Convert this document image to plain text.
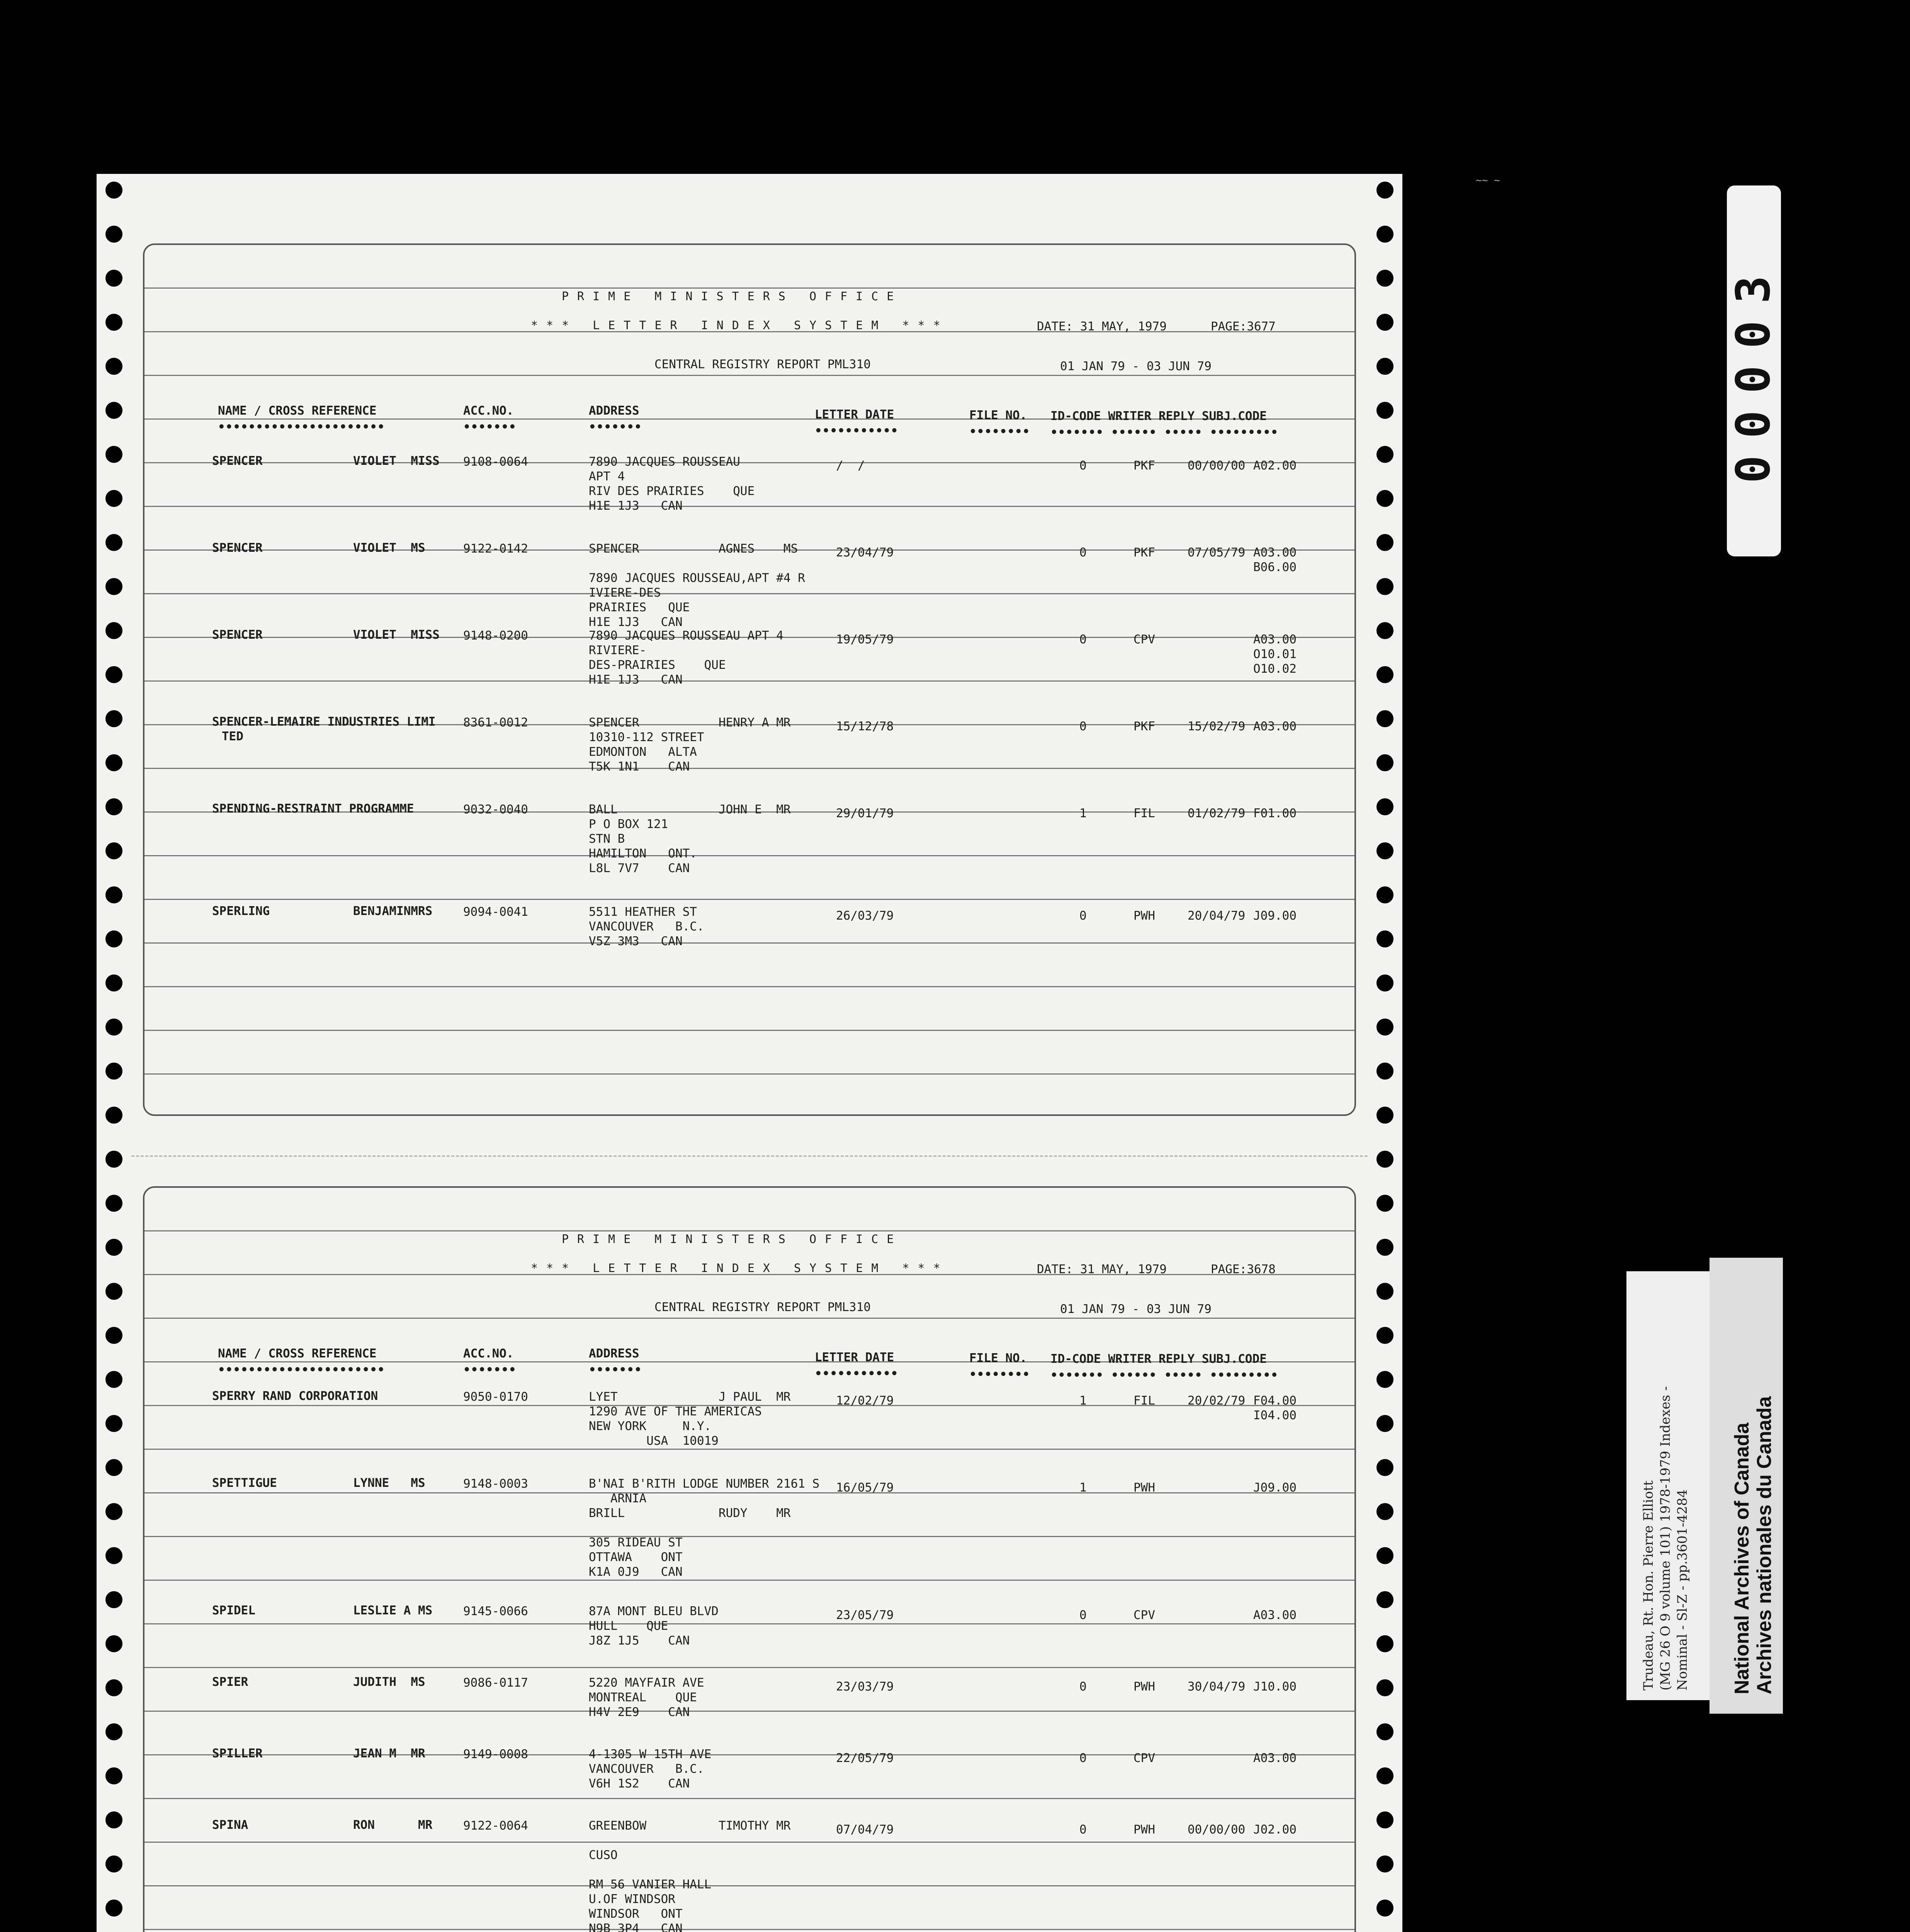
PRIME MINISTERS OFFICE
*** LETTER INDEX SYSTEM ***	DATE: 31 MAY, 1979	PAGE:3677
CENTRAL REGISTRY REPORT PML310	01 JAN 79 - 03 JUN 79
NAME / CROSS REFERENCE
••••••••••••••••••••••
ACC.NO.
•••••••
ADDRESS
•••••••
LETTER DATE
•••••••••••
FILE NO.
••••••••
ID-CODE WRITER REPLY SUBJ.CODE
••••••• •••••• ••••• •••••••••
SPENCER	VIOLET  MISS 9108-0064	7890 JACQUES ROUSSEAU
APT 4
RIV DES PRAIRIES    QUE
H1E 1J3   CAN
/  /	0	PKF	00/00/00 A02.00
SPENCER	VIOLET  MS	9122-0142	SPENCER           AGNES    MS
7890 JACQUES ROUSSEAU,APT #4 R
IVIERE-DES
PRAIRIES   QUE
H1E 1J3   CAN
23/04/79	0	PKF	07/05/79 A03.00
B06.00
SPENCER	VIOLET  MISS 9148-0200	7890 JACQUES ROUSSEAU APT 4
RIVIERE-
DES-PRAIRIES    QUE
H1E 1J3   CAN
19/05/79	0	CPV	A03.00
O10.01
O10.02
SPENCER-LEMAIRE INDUSTRIES LIMI
TED
8361-0012	SPENCER           HENRY A MR
10310-112 STREET
EDMONTON   ALTA
T5K 1N1    CAN
15/12/78	0	PKF	15/02/79 A03.00
SPENDING-RESTRAINT PROGRAMME	9032-0040	BALL              JOHN E  MR
P O BOX 121
STN B
HAMILTON   ONT.
L8L 7V7    CAN
29/01/79	1	FIL	01/02/79 F01.00
SPERLING	BENJAMINMRS	9094-0041	5511 HEATHER ST
VANCOUVER   B.C.
V5Z 3M3   CAN
26/03/79	0	PWH	20/04/79 J09.00
PRIME MINISTERS OFFICE
*** LETTER INDEX SYSTEM ***	DATE: 31 MAY, 1979	PAGE:3678
CENTRAL REGISTRY REPORT PML310	01 JAN 79 - 03 JUN 79
NAME / CROSS REFERENCE
••••••••••••••••••••••
ACC.NO.
•••••••
ADDRESS
•••••••
LETTER DATE
•••••••••••
FILE NO.
••••••••
ID-CODE WRITER REPLY SUBJ.CODE
••••••• •••••• ••••• •••••••••
SPERRY RAND CORPORATION	9050-0170	LYET              J PAUL  MR
1290 AVE OF THE AMERICAS
NEW YORK     N.Y.
USA  10019
12/02/79	1	FIL	20/02/79 F04.00
I04.00
SPETTIGUE	LYNNE   MS	9148-0003	B'NAI B'RITH LODGE NUMBER 2161 S
ARNIA
BRILL             RUDY    MR
305 RIDEAU ST
OTTAWA    ONT
K1A 0J9   CAN
16/05/79	1	PWH	J09.00
SPIDEL	LESLIE A MS	9145-0066	87A MONT BLEU BLVD
HULL    QUE
J8Z 1J5    CAN
23/05/79	0	CPV	A03.00
SPIER	JUDITH  MS	9086-0117	5220 MAYFAIR AVE
MONTREAL    QUE
H4V 2E9    CAN
23/03/79	0	PWH	30/04/79 J10.00
SPILLER	JEAN M  MR	9149-0008	4-1305 W 15TH AVE
VANCOUVER   B.C.
V6H 1S2    CAN
22/05/79	0	CPV	A03.00
SPINA	RON      MR	9122-0064	GREENBOW          TIMOTHY MR
CUSO
RM 56 VANIER HALL
U.OF WINDSOR
WINDSOR   ONT
N9B 3P4   CAN
07/04/79	0	PWH	00/00/00 J02.00
~~ ~
00003
Trudeau, Rt. Hon. Pierre Elliott (MG 26 O 9 volume 101) 1978-1979 Indexes - Nominal - Sl-Z - pp.3601-4284 National Archives of Canada Archives nationales du Canada
